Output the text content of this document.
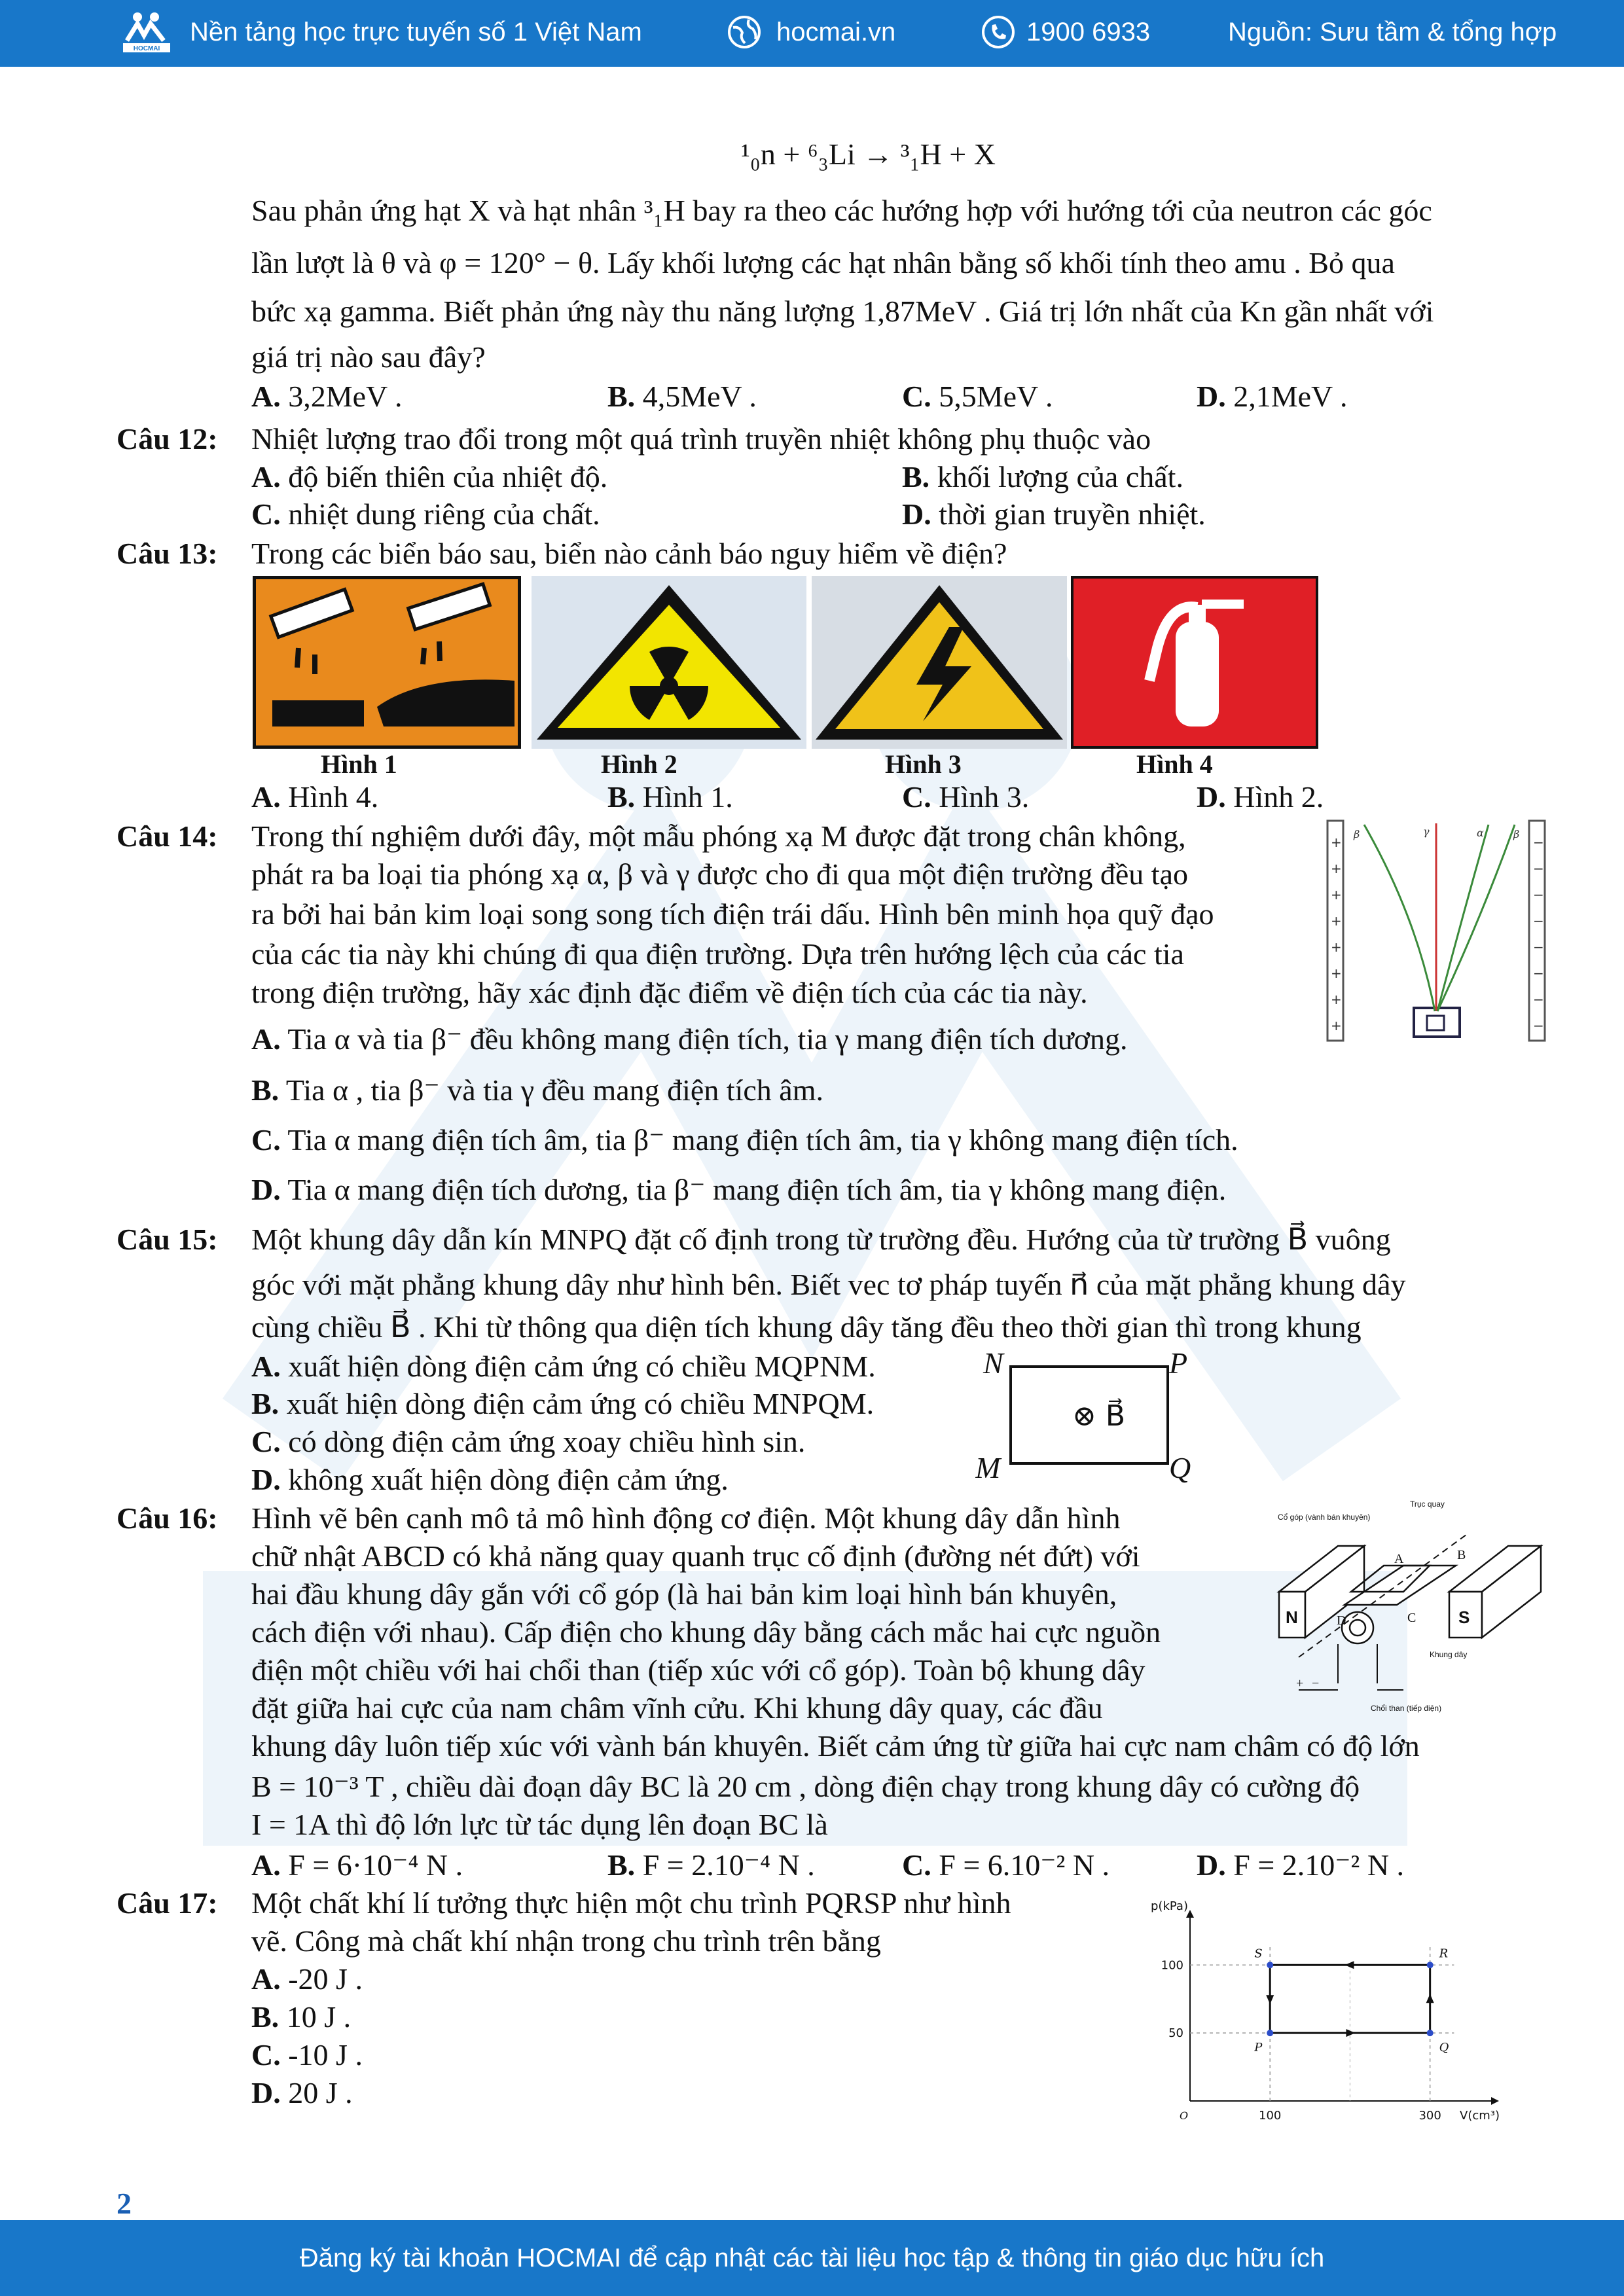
HOCMAI
Nền tảng học trực tuyến số 1 Việt Nam	hocmai.vn	1900 6933	Nguồn: Sưu tầm & tổng hợp
¹₀n + ⁶₃Li → ³₁H + X
Sau phản ứng hạt X và hạt nhân ³₁H bay ra theo các hướng hợp với hướng tới của neutron các góc
lần lượt là θ và φ = 120° − θ. Lấy khối lượng các hạt nhân bằng số khối tính theo amu . Bỏ qua
bức xạ gamma. Biết phản ứng này thu năng lượng 1,87MeV . Giá trị lớn nhất của Kn gần nhất với
giá trị nào sau đây?
A. 3,2MeV .	B. 4,5MeV .	C. 5,5MeV .	D. 2,1MeV .
Câu 12: Nhiệt lượng trao đổi trong một quá trình truyền nhiệt không phụ thuộc vào
A. độ biến thiên của nhiệt độ.	B. khối lượng của chất.
C. nhiệt dung riêng của chất.	D. thời gian truyền nhiệt.
Câu 13: Trong các biển báo sau, biển nào cảnh báo nguy hiểm về điện?
Hình 1	Hình 2	Hình 3	Hình 4
A. Hình 4.	B. Hình 1.	C. Hình 3.	D. Hình 2.
Câu 14: Trong thí nghiệm dưới đây, một mẫu phóng xạ M được đặt trong chân không,
phát ra ba loại tia phóng xạ α, β và γ được cho đi qua một điện trường đều tạo
ra bởi hai bản kim loại song song tích điện trái dấu. Hình bên minh họa quỹ đạo
của các tia này khi chúng đi qua điện trường. Dựa trên hướng lệch của các tia
trong điện trường, hãy xác định đặc điểm về điện tích của các tia này.
A. Tia α và tia β⁻ đều không mang điện tích, tia γ mang điện tích dương.
B. Tia α , tia β⁻ và tia γ đều mang điện tích âm.
C. Tia α mang điện tích âm, tia β⁻ mang điện tích âm, tia γ không mang điện tích.
D. Tia α mang điện tích dương, tia β⁻ mang điện tích âm, tia γ không mang điện.
+
+
+
+
+
+
+
+
−
−
−
−
−
−
−
−
β	γ	α	β
Câu 15: Một khung dây dẫn kín MNPQ đặt cố định trong từ trường đều. Hướng của từ trường B⃗ vuông
góc với mặt phẳng khung dây như hình bên. Biết vec tơ pháp tuyến n⃗ của mặt phẳng khung dây
cùng chiều B⃗ . Khi từ thông qua diện tích khung dây tăng đều theo thời gian thì trong khung
A. xuất hiện dòng điện cảm ứng có chiều MQPNM.
B. xuất hiện dòng điện cảm ứng có chiều MNPQM.
C. có dòng điện cảm ứng xoay chiều hình sin.
D. không xuất hiện dòng điện cảm ứng.
N	P
M	Q
⊗ B⃗
Câu 16: Hình vẽ bên cạnh mô tả mô hình động cơ điện. Một khung dây dẫn hình
chữ nhật ABCD có khả năng quay quanh trục cố định (đường nét đứt) với
hai đầu khung dây gắn với cổ góp (là hai bản kim loại hình bán khuyên,
cách điện với nhau). Cấp điện cho khung dây bằng cách mắc hai cực nguồn
điện một chiều với hai chổi than (tiếp xúc với cổ góp). Toàn bộ khung dây
đặt giữa hai cực của nam châm vĩnh cửu. Khi khung dây quay, các đầu
khung dây luôn tiếp xúc với vành bán khuyên. Biết cảm ứng từ giữa hai cực nam châm có độ lớn
B = 10⁻³ T , chiều dài đoạn dây BC là 20 cm , dòng điện chạy trong khung dây có cường độ
I = 1A thì độ lớn lực từ tác dụng lên đoạn BC là
A. F = 6·10⁻⁴ N .	B. F = 2.10⁻⁴ N .	C. F = 6.10⁻² N .	D. F = 2.10⁻² N .
N	S
A	B
C
D
+ −
Cổ góp (vành bán khuyên)
Trục quay
Khung dây
Chổi than (tiếp điện)
Câu 17: Một chất khí lí tưởng thực hiện một chu trình PQRSP như hình
vẽ. Công mà chất khí nhận trong chu trình trên bằng
A. -20 J .
B. 10 J .
C. -10 J .
D. 20 J .
100	300
50
100
P	Q
R
S
p(kPa)
V(cm³)
O
2
Đăng ký tài khoản HOCMAI để cập nhật các tài liệu học tập & thông tin giáo dục hữu ích
